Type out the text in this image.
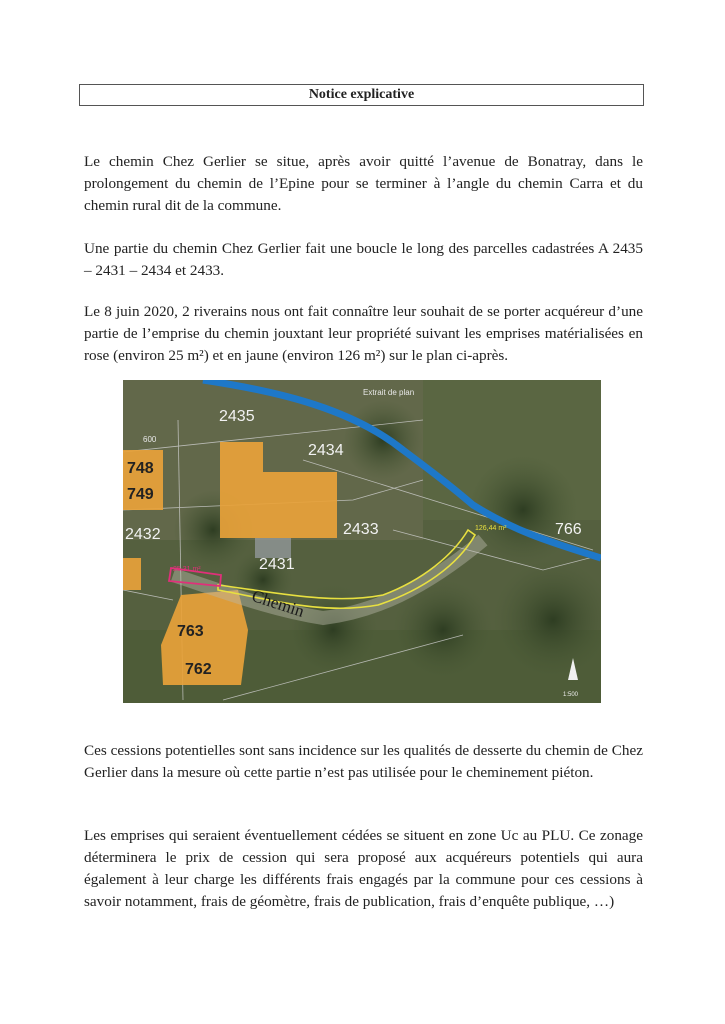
Notice explicative

Le chemin Chez Gerlier se situe, après avoir quitté l’avenue de Bonatray, dans le prolongement du chemin de l’Epine pour se terminer à l’angle du chemin Carra et du chemin rural dit de la commune.

Une partie du chemin Chez Gerlier fait une boucle le long des parcelles cadastrées A 2435 – 2431 – 2434 et 2433.

Le 8 juin 2020, 2 riverains nous ont fait connaître leur souhait de se porter acquéreur d’une partie de l’emprise du chemin jouxtant leur propriété suivant les emprises matérialisées en rose (environ 25 m²) et en jaune (environ 126 m²) sur le plan ci-après.

Extrait de plan
2435
2434
2433
2432
2431
748
749
763
762
766
600
Chemin
25,31 m²
126,44 m²
1:500

Ces cessions potentielles sont sans incidence sur les qualités de desserte du chemin de Chez Gerlier dans la mesure où cette partie n’est pas utilisée pour le cheminement piéton.

Les emprises qui seraient éventuellement cédées se situent en zone Uc au PLU. Ce zonage déterminera le prix de cession qui sera proposé aux acquéreurs potentiels qui aura également à leur charge les différents frais engagés par la commune pour ces cessions à savoir notamment, frais de géomètre, frais de publication, frais d’enquête publique, …)
